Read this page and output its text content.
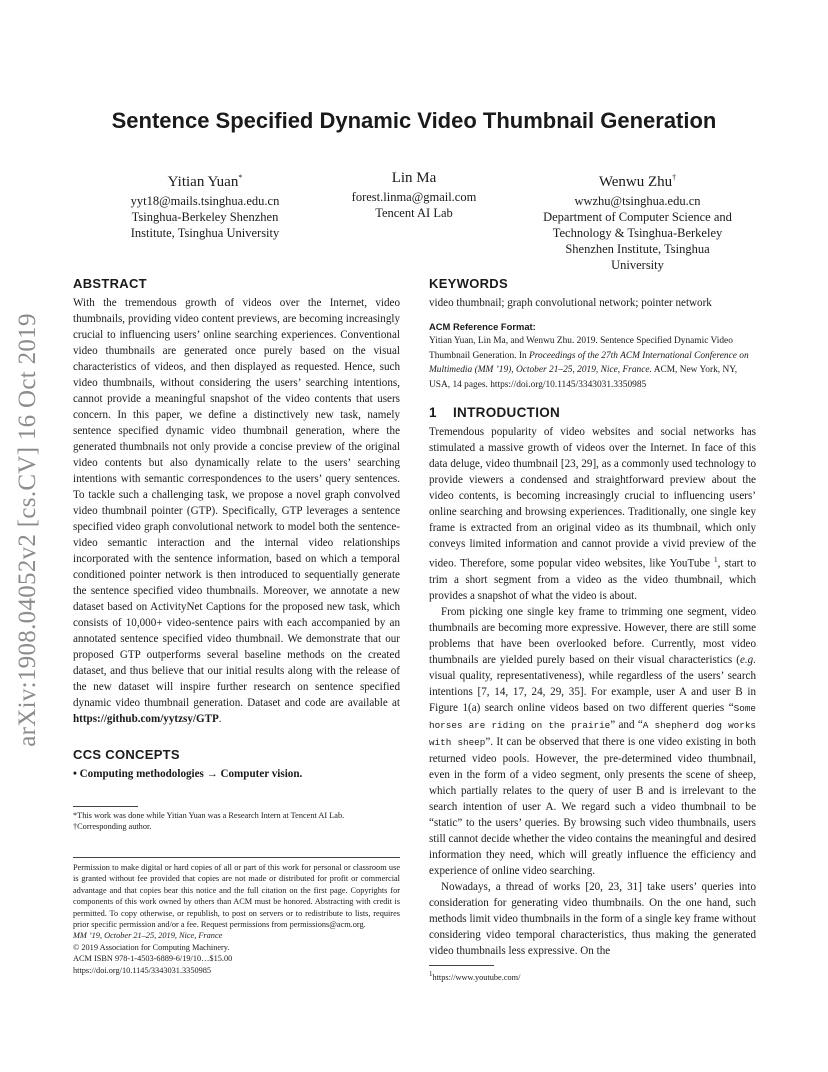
arXiv:1908.04052v2 [cs.CV] 16 Oct 2019
Sentence Specified Dynamic Video Thumbnail Generation
Yitian Yuan*
yyt18@mails.tsinghua.edu.cn
Tsinghua-Berkeley Shenzhen
Institute, Tsinghua University
Lin Ma
forest.linma@gmail.com
Tencent AI Lab
Wenwu Zhu†
wwzhu@tsinghua.edu.cn
Department of Computer Science and
Technology & Tsinghua-Berkeley
Shenzhen Institute, Tsinghua
University
ABSTRACT

With the tremendous growth of videos over the Internet, video thumbnails, providing video content previews, are becoming increasingly crucial to influencing users’ online searching experiences. Conventional video thumbnails are generated once purely based on the visual characteristics of videos, and then displayed as requested. Hence, such video thumbnails, without considering the users’ searching intentions, cannot provide a meaningful snapshot of the video contents that users concern. In this paper, we define a distinctively new task, namely sentence specified dynamic video thumbnail generation, where the generated thumbnails not only provide a concise preview of the original video contents but also dynamically relate to the users’ searching intentions with semantic correspondences to the users’ query sentences. To tackle such a challenging task, we propose a novel graph convolved video thumbnail pointer (GTP). Specifically, GTP leverages a sentence specified video graph convolutional network to model both the sentence-video semantic interaction and the internal video relationships incorporated with the sentence information, based on which a temporal conditioned pointer network is then introduced to sequentially generate the sentence specified video thumbnails. Moreover, we annotate a new dataset based on ActivityNet Captions for the proposed new task, which consists of 10,000+ video-sentence pairs with each accompanied by an annotated sentence specified video thumbnail. We demonstrate that our proposed GTP outperforms several baseline methods on the created dataset, and thus believe that our initial results along with the release of the new dataset will inspire further research on sentence specified dynamic video thumbnail generation. Dataset and code are available at https://github.com/yytzsy/GTP.

CCS CONCEPTS

• Computing methodologies → Computer vision.

*This work was done while Yitian Yuan was a Research Intern at Tencent AI Lab.

†Corresponding author.

Permission to make digital or hard copies of all or part of this work for personal or classroom use is granted without fee provided that copies are not made or distributed for profit or commercial advantage and that copies bear this notice and the full citation on the first page. Copyrights for components of this work owned by others than ACM must be honored. Abstracting with credit is permitted. To copy otherwise, or republish, to post on servers or to redistribute to lists, requires prior specific permission and/or a fee. Request permissions from permissions@acm.org.

MM ’19, October 21–25, 2019, Nice, France

© 2019 Association for Computing Machinery.

ACM ISBN 978-1-4503-6889-6/19/10…$15.00

https://doi.org/10.1145/3343031.3350985

KEYWORDS

video thumbnail; graph convolutional network; pointer network

ACM Reference Format:

Yitian Yuan, Lin Ma, and Wenwu Zhu. 2019. Sentence Specified Dynamic Video Thumbnail Generation. In Proceedings of the 27th ACM International Conference on Multimedia (MM ’19), October 21–25, 2019, Nice, France. ACM, New York, NY, USA, 14 pages. https://doi.org/10.1145/3343031.3350985

1 INTRODUCTION

Tremendous popularity of video websites and social networks has stimulated a massive growth of videos over the Internet. In face of this data deluge, video thumbnail [23, 29], as a commonly used technology to provide viewers a condensed and straightforward preview about the video contents, is becoming increasingly crucial to influencing users’ online searching and browsing experiences. Traditionally, one single key frame is extracted from an original video as its thumbnail, which only conveys limited information and cannot provide a vivid preview of the video. Therefore, some popular video websites, like YouTube $^1$, start to trim a short segment from a video as the video thumbnail, which provides a snapshot of what the video is about.

From picking one single key frame to trimming one segment, video thumbnails are becoming more expressive. However, there are still some problems that have been overlooked before. Currently, most video thumbnails are yielded purely based on their visual characteristics (e.g. visual quality, representativeness), while regardless of the users’ search intentions [7, 14, 17, 24, 29, 35]. For example, user A and user B in Figure 1(a) search online videos based on two different queries “Some horses are riding on the prairie” and “A shepherd dog works with sheep”. It can be observed that there is one video existing in both returned video pools. However, the pre-determined video thumbnail, even in the form of a video segment, only presents the scene of sheep, which partially relates to the query of user B and is irrelevant to the search intention of user A. We regard such a video thumbnail to be “static” to the users’ queries. By browsing such video thumbnails, users still cannot decide whether the video contains the meaningful and desired information they need, which will greatly influence the efficiency and experience of online video searching.

Nowadays, a thread of works [20, 23, 31] take users’ queries into consideration for generating video thumbnails. On the one hand, such methods limit video thumbnails in the form of a single key frame without considering video temporal characteristics, thus making the generated video thumbnails less expressive. On the

$^1$https://www.youtube.com/
